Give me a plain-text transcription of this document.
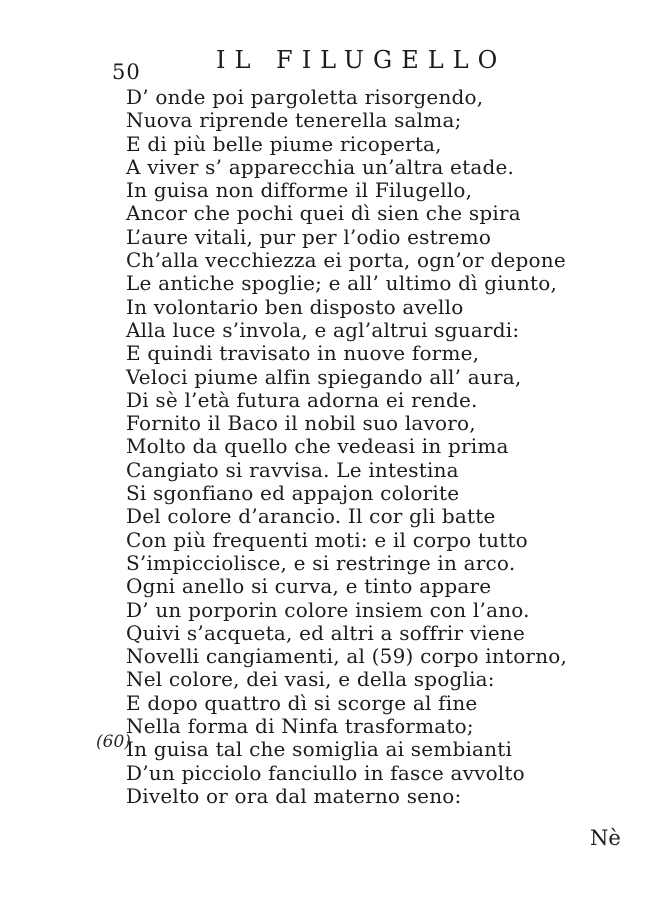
50	IL FILUGELLO
D’ onde poi pargoletta risorgendo,
Nuova riprende tenerella salma;
E di più belle piume ricoperta,
A viver s’ apparecchia un’altra etade.
In guisa non difforme il Filugello,
Ancor che pochi quei dì sien che spira
L’aure vitali, pur per l’odio estremo
Ch’alla vecchiezza ei porta, ogn’or depone
Le antiche spoglie; e all’ ultimo dì giunto,
In volontario ben disposto avello
Alla luce s’invola, e agl’altrui sguardi:
E quindi travisato in nuove forme,
Veloci piume alfin spiegando all’ aura,
Di sè l’età futura adorna ei rende.
Fornito il Baco il nobil suo lavoro,
Molto da quello che vedeasi in prima
Cangiato si ravvisa. Le intestina
Si sgonfiano ed appajon colorite
Del colore d’arancio. Il cor gli batte
Con più frequenti moti: e il corpo tutto
S’impicciolisce, e si restringe in arco.
Ogni anello si curva, e tinto appare
D’ un porporin colore insiem con l’ano.
Quivi s’acqueta, ed altri a soffrir viene
Novelli cangiamenti, al (59) corpo intorno,
Nel colore, dei vasi, e della spoglia:
E dopo quattro dì si scorge al fine
Nella forma di Ninfa trasformato;
In guisa tal che somiglia ai sembianti
D’un picciolo fanciullo in fasce avvolto
Divelto or ora dal materno seno:
(60)
Nè
